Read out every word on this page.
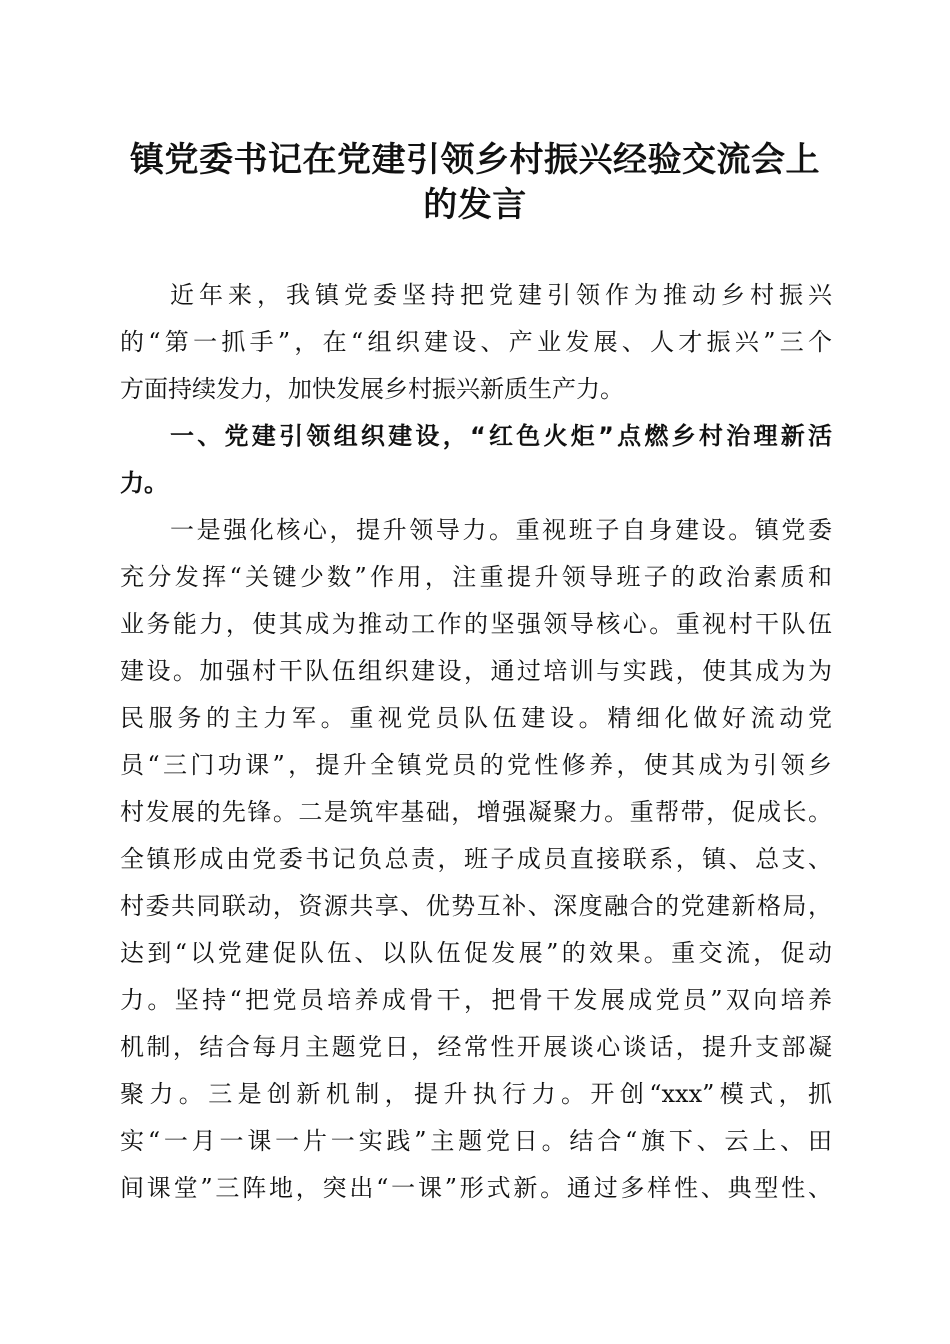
镇党委书记在党建引领乡村振兴经验交流会上
的发言
近年来，我镇党委坚持把党建引领作为推动乡村振兴
的“第一抓手”，在“组织建设、产业发展、人才振兴”三个
方面持续发力，加快发展乡村振兴新质生产力。
一、党建引领组织建设，“红色火炬”点燃乡村治理新活
力。
一是强化核心，提升领导力。重视班子自身建设。镇党委
充分发挥“关键少数”作用，注重提升领导班子的政治素质和
业务能力，使其成为推动工作的坚强领导核心。重视村干队伍
建设。加强村干队伍组织建设，通过培训与实践，使其成为为
民服务的主力军。重视党员队伍建设。精细化做好流动党
员“三门功课”，提升全镇党员的党性修养，使其成为引领乡
村发展的先锋。二是筑牢基础，增强凝聚力。重帮带，促成长。
全镇形成由党委书记负总责，班子成员直接联系，镇、总支、
村委共同联动，资源共享、优势互补、深度融合的党建新格局，
达到“以党建促队伍、以队伍促发展”的效果。重交流，促动
力。坚持“把党员培养成骨干，把骨干发展成党员”双向培养
机制，结合每月主题党日，经常性开展谈心谈话，提升支部凝
聚力。三是创新机制，提升执行力。开创“xxx”模式，抓
实“一月一课一片一实践”主题党日。结合“旗下、云上、田
间课堂”三阵地，突出“一课”形式新。通过多样性、典型性、
